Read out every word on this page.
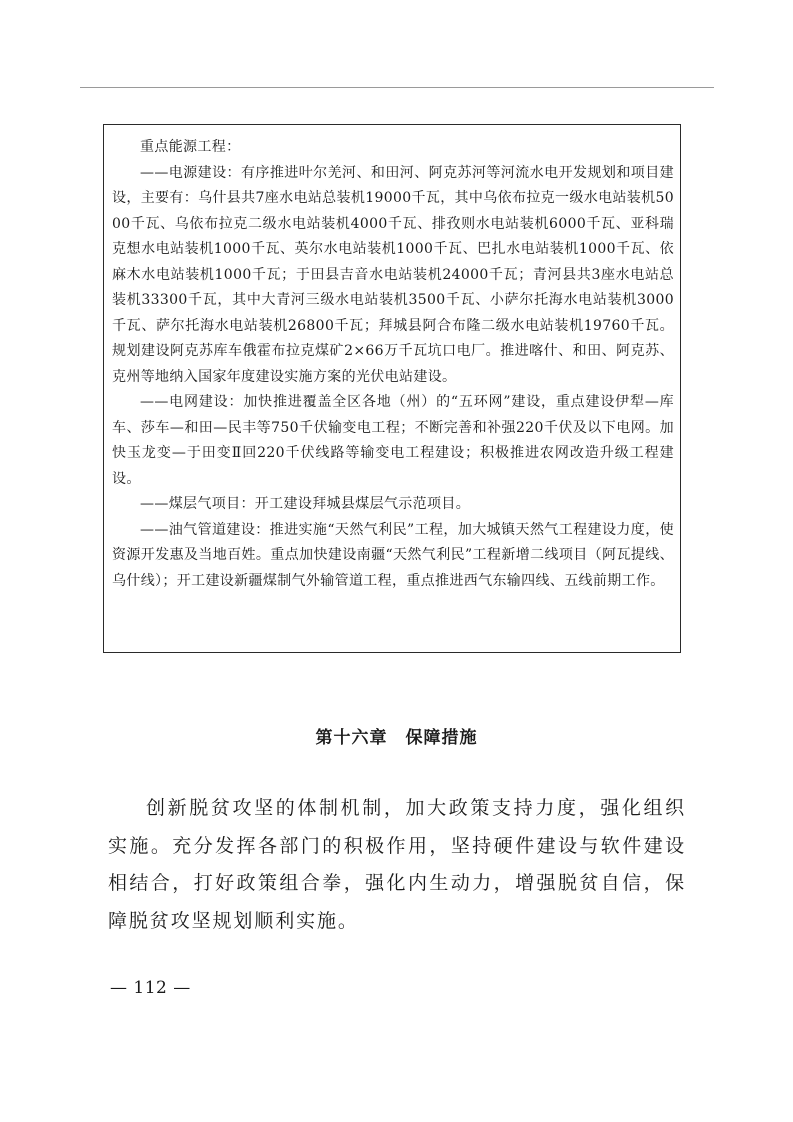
重点能源工程：

——电源建设：有序推进叶尔羌河、和田河、阿克苏河等河流水电开发规划和项目建设，主要有：乌什县共7座水电站总装机19000千瓦，其中乌依布拉克一级水电站装机5000千瓦、乌依布拉克二级水电站装机4000千瓦、排孜则水电站装机6000千瓦、亚科瑞克想水电站装机1000千瓦、英尔水电站装机1000千瓦、巴扎水电站装机1000千瓦、依麻木水电站装机1000千瓦；于田县吉音水电站装机24000千瓦；青河县共3座水电站总装机33300千瓦，其中大青河三级水电站装机3500千瓦、小萨尔托海水电站装机3000千瓦、萨尔托海水电站装机26800千瓦；拜城县阿合布隆二级水电站装机19760千瓦。规划建设阿克苏库车俄霍布拉克煤矿2×66万千瓦坑口电厂。推进喀什、和田、阿克苏、克州等地纳入国家年度建设实施方案的光伏电站建设。

——电网建设：加快推进覆盖全区各地（州）的“五环网”建设，重点建设伊犁—库车、莎车—和田—民丰等750千伏输变电工程；不断完善和补强220千伏及以下电网。加快玉龙变—于田变Ⅱ回220千伏线路等输变电工程建设；积极推进农网改造升级工程建设。

——煤层气项目：开工建设拜城县煤层气示范项目。

——油气管道建设：推进实施“天然气利民”工程，加大城镇天然气工程建设力度，使资源开发惠及当地百姓。重点加快建设南疆“天然气利民”工程新增二线项目（阿瓦提线、乌什线）；开工建设新疆煤制气外输管道工程，重点推进西气东输四线、五线前期工作。

第十六章　保障措施

创新脱贫攻坚的体制机制，加大政策支持力度，强化组织实施。充分发挥各部门的积极作用，坚持硬件建设与软件建设相结合，打好政策组合拳，强化内生动力，增强脱贫自信，保障脱贫攻坚规划顺利实施。

— 112 —
